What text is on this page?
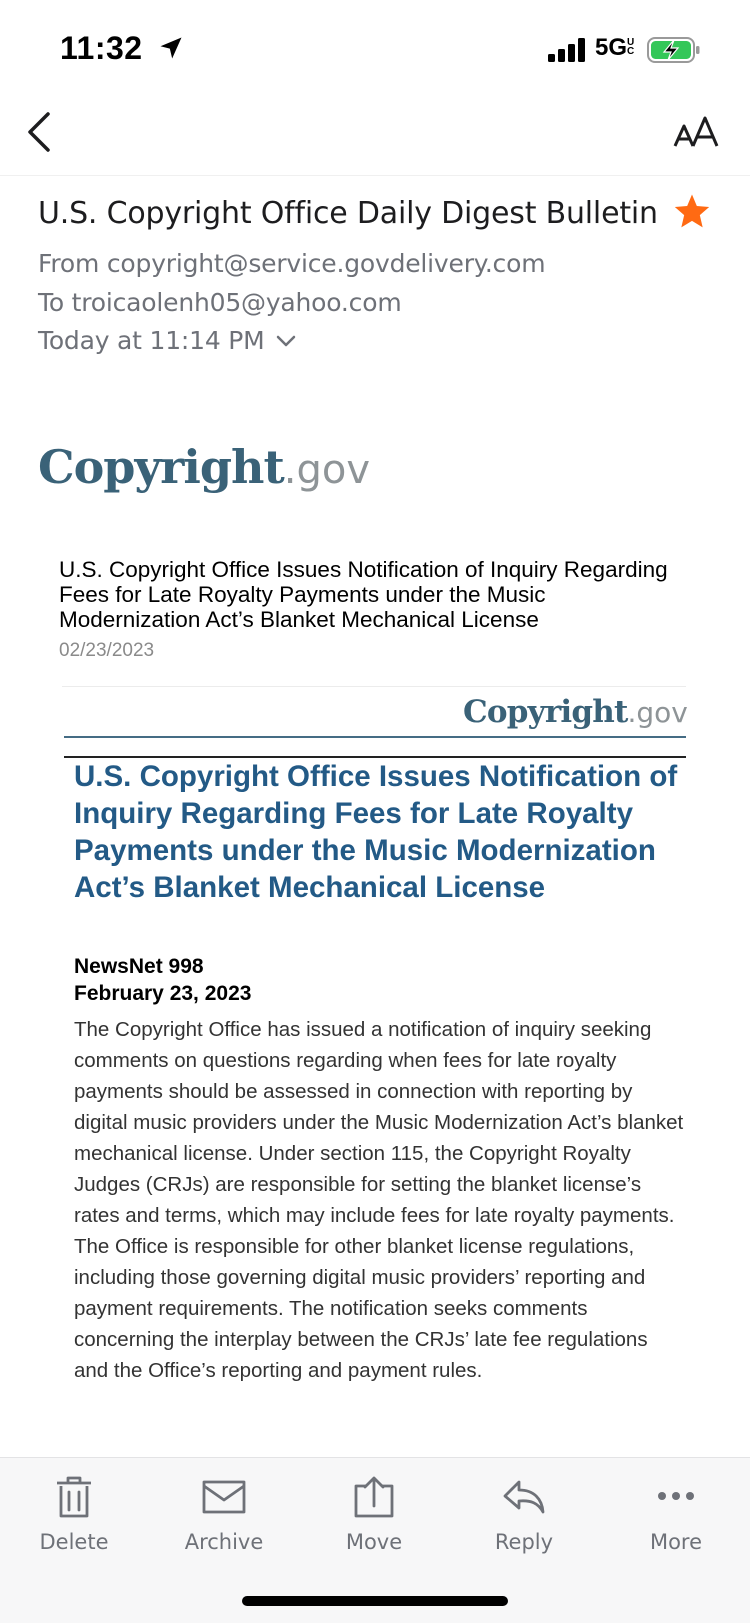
11:32	5GUC
U.S. Copyright Office Daily Digest Bulletin
From copyright@service.govdelivery.com
To troicaolenh05@yahoo.com
Today at 11:14 PM
Copyright.gov
U.S. Copyright Office Issues Notification of Inquiry Regarding Fees for Late Royalty Payments under the Music Modernization Act’s Blanket Mechanical License
02/23/2023
Copyright.gov
U.S. Copyright Office Issues Notification of Inquiry Regarding Fees for Late Royalty Payments under the Music Modernization Act’s Blanket Mechanical License
NewsNet 998
February 23, 2023
The Copyright Office has issued a notification of inquiry seeking comments on questions regarding when fees for late royalty payments should be assessed in connection with reporting by digital music providers under the Music Modernization Act’s blanket mechanical license. Under section 115, the Copyright Royalty Judges (CRJs) are responsible for setting the blanket license’s rates and terms, which may include fees for late royalty payments. The Office is responsible for other blanket license regulations, including those governing digital music providers’ reporting and payment requirements. The notification seeks comments concerning the interplay between the CRJs’ late fee regulations and the Office’s reporting and payment rules.
Delete	Archive	Move	Reply	More
